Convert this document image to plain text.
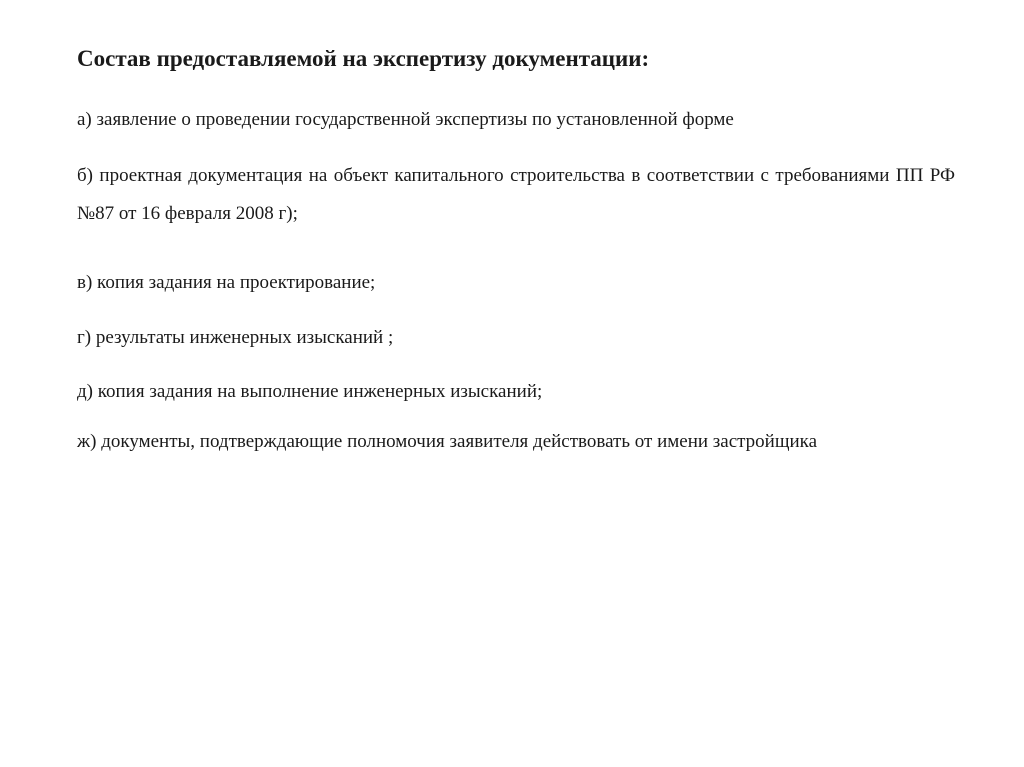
Состав предоставляемой на экспертизу документации:

а) заявление о проведении государственной экспертизы по установленной форме

б) проектная документация на объект капитального строительства в соответствии с требованиями ПП РФ №87 от 16 февраля 2008 г);

в) копия задания на проектирование;

г) результаты инженерных изысканий ;

д) копия задания на выполнение инженерных изысканий;

ж) документы, подтверждающие полномочия заявителя действовать от имени застройщика
